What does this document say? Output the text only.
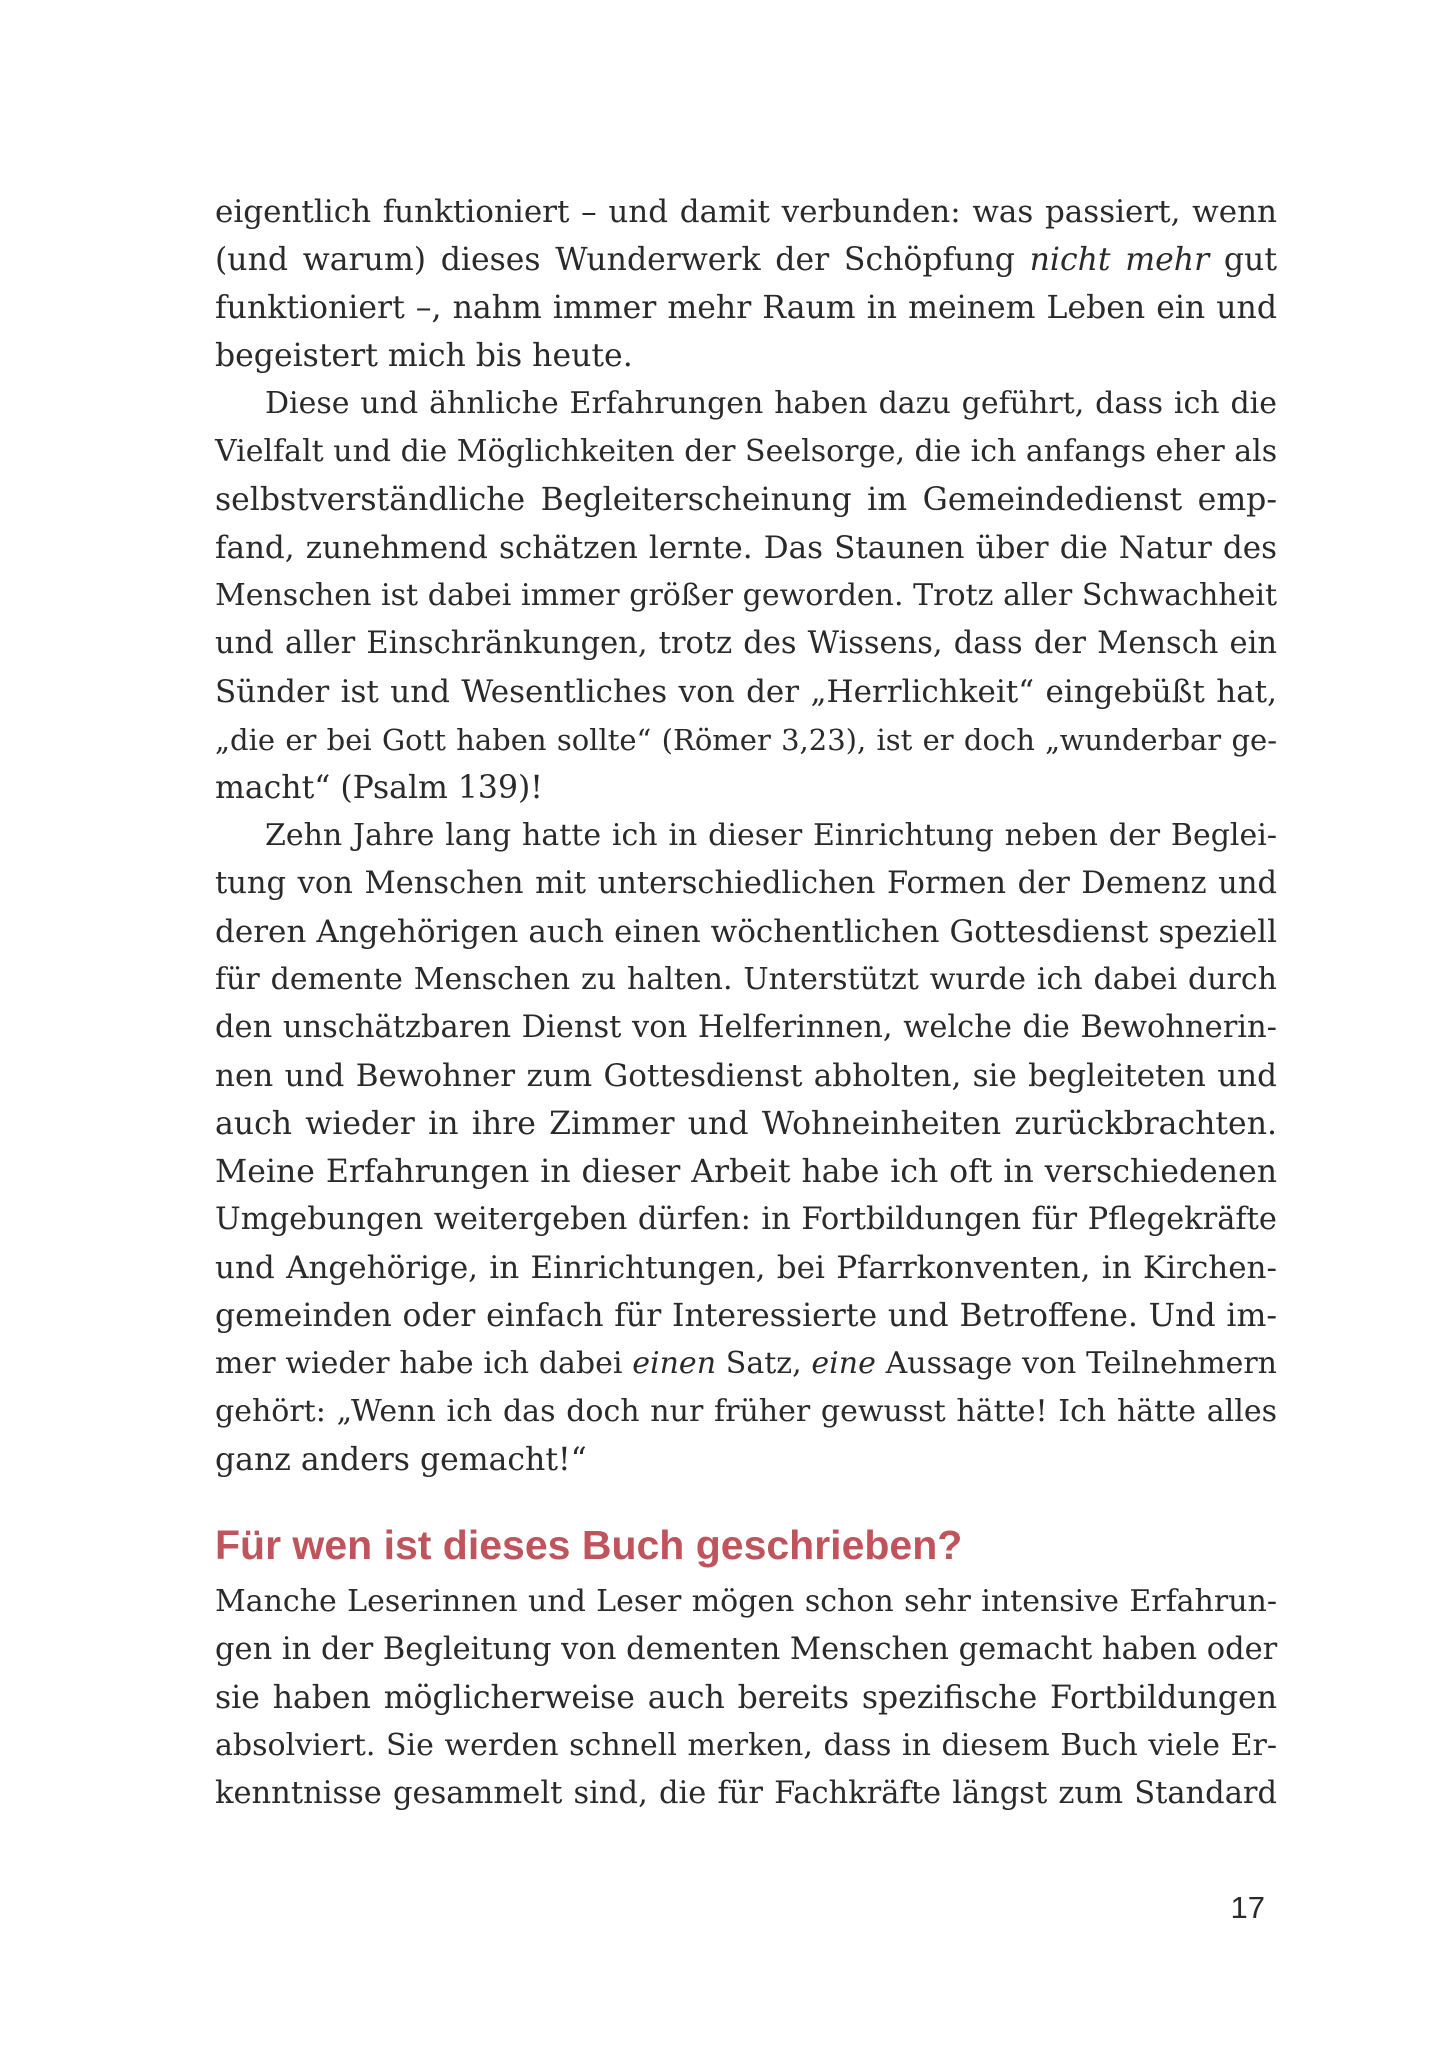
eigentlich funktioniert – und damit verbunden: was passiert, wenn
(und warum) dieses Wunderwerk der Schöpfung nicht mehr gut
funktioniert –, nahm immer mehr Raum in meinem Leben ein und
begeistert mich bis heute.
Diese und ähnliche Erfahrungen haben dazu geführt, dass ich die
Vielfalt und die Möglichkeiten der Seelsorge, die ich anfangs eher als
selbstverständliche Begleiterscheinung im Gemeindedienst emp-
fand, zunehmend schätzen lernte. Das Staunen über die Natur des
Menschen ist dabei immer größer geworden. Trotz aller Schwachheit
und aller Einschränkungen, trotz des Wissens, dass der Mensch ein
Sünder ist und Wesentliches von der „Herrlichkeit“ eingebüßt hat,
„die er bei Gott haben sollte“ (Römer 3,23), ist er doch „wunderbar ge-
macht“ (Psalm 139)!
Zehn Jahre lang hatte ich in dieser Einrichtung neben der Beglei-
tung von Menschen mit unterschiedlichen Formen der Demenz und
deren Angehörigen auch einen wöchentlichen Gottesdienst speziell
für demente Menschen zu halten. Unterstützt wurde ich dabei durch
den unschätzbaren Dienst von Helferinnen, welche die Bewohnerin-
nen und Bewohner zum Gottesdienst abholten, sie begleiteten und
auch wieder in ihre Zimmer und Wohneinheiten zurückbrachten.
Meine Erfahrungen in dieser Arbeit habe ich oft in verschiedenen
Umgebungen weitergeben dürfen: in Fortbildungen für Pflegekräfte
und Angehörige, in Einrichtungen, bei Pfarrkonventen, in Kirchen-
gemeinden oder einfach für Interessierte und Betroffene. Und im-
mer wieder habe ich dabei einen Satz, eine Aussage von Teilnehmern
gehört: „Wenn ich das doch nur früher gewusst hätte! Ich hätte alles
ganz anders gemacht!“
Für wen ist dieses Buch geschrieben?
Manche Leserinnen und Leser mögen schon sehr intensive Erfahrun-
gen in der Begleitung von dementen Menschen gemacht haben oder
sie haben möglicherweise auch bereits spezifische Fortbildungen
absolviert. Sie werden schnell merken, dass in diesem Buch viele Er-
kenntnisse gesammelt sind, die für Fachkräfte längst zum Standard
17
